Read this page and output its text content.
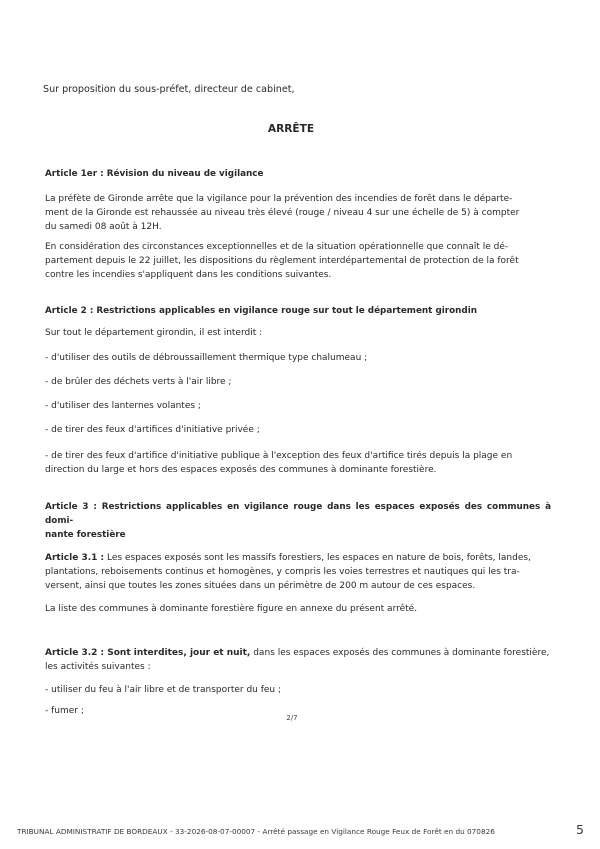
Sur proposition du sous-préfet, directeur de cabinet,
ARRÊTE
Article 1er : Révision du niveau de vigilance
La préfète de Gironde arrête que la vigilance pour la prévention des incendies de forêt dans le départe-
ment de la Gironde est rehaussée au niveau très élevé (rouge / niveau 4 sur une échelle de 5) à compter
du samedi 08 août à 12H.
En considération des circonstances exceptionnelles et de la situation opérationnelle que connaît le dé-
partement depuis le 22 juillet, les dispositions du règlement interdépartemental de protection de la forêt
contre les incendies s'appliquent dans les conditions suivantes.
Article 2 : Restrictions applicables en vigilance rouge sur tout le département girondin
Sur tout le département girondin, il est interdit :
- d'utiliser des outils de débroussaillement thermique type chalumeau ;
- de brûler des déchets verts à l'air libre ;
- d'utiliser des lanternes volantes ;
- de tirer des feux d'artifices d'initiative privée ;
- de tirer des feux d'artifice d'initiative publique à l'exception des feux d'artifice tirés depuis la plage en
direction du large et hors des espaces exposés des communes à dominante forestière.
Article 3 : Restrictions applicables en vigilance rouge dans les espaces exposés des communes à domi-
nante forestière
Article 3.1 : Les espaces exposés sont les massifs forestiers, les espaces en nature de bois, forêts, landes,
plantations, reboisements continus et homogènes, y compris les voies terrestres et nautiques qui les tra-
versent, ainsi que toutes les zones situées dans un périmètre de 200 m autour de ces espaces.
La liste des communes à dominante forestière figure en annexe du présent arrêté.
Article 3.2 : Sont interdites, jour et nuit, dans les espaces exposés des communes à dominante forestière,
les activités suivantes :
- utiliser du feu à l'air libre et de transporter du feu ;
- fumer ;
2/7
TRIBUNAL ADMINISTRATIF DE BORDEAUX - 33-2026-08-07-00007 - Arrêté passage en Vigilance Rouge Feux de Forêt en du 070826	5
